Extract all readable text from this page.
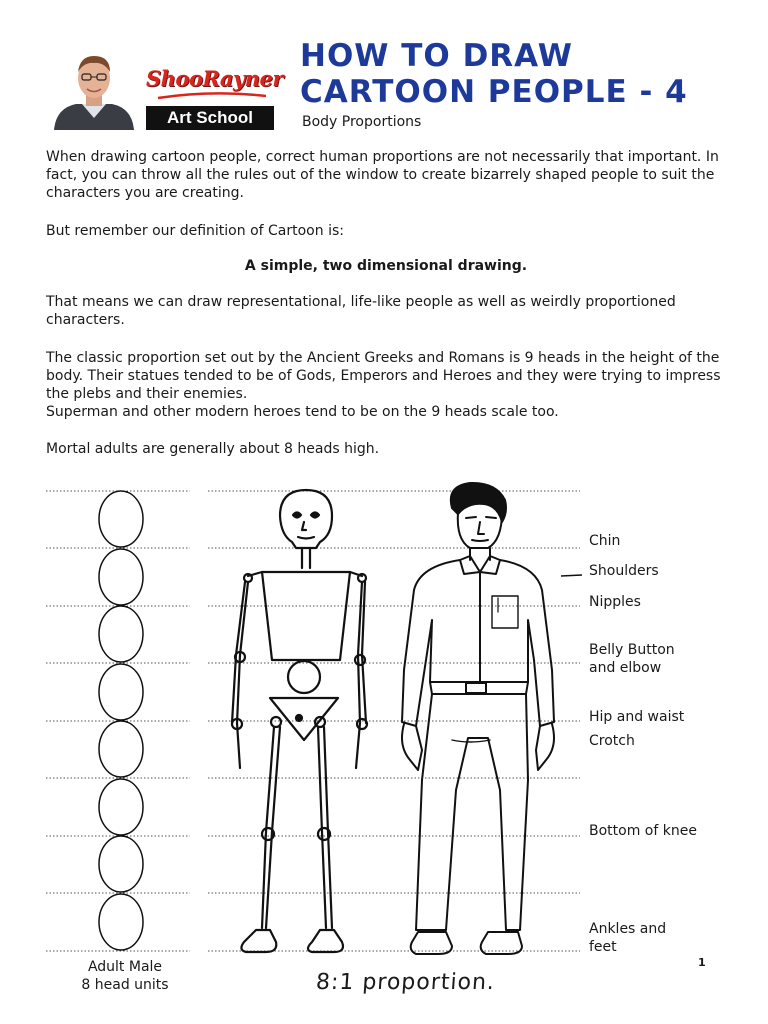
ShooRayner
Art School
HOW TO DRAW
CARTOON PEOPLE - 4
Body Proportions

When drawing cartoon people, correct human proportions are not necessarily that important. In fact, you can throw all the rules out of the window to create bizarrely shaped people to suit the characters you are creating.

But remember our definition of Cartoon is:

A simple, two dimensional drawing.

That means we can draw representational, life-like people as well as weirdly proportioned characters.

The classic proportion set out by the Ancient Greeks and Romans is 9 heads in the height of the body. Their statues tended to be of Gods, Emperors and Heroes and they were trying to impress the plebs and their enemies.

Superman and other modern heroes tend to be on the 9 heads scale too.

Mortal adults are generally about 8 heads high.

Chin
Shoulders
Nipples
Belly Button
and elbow
Hip and waist
Crotch
Bottom of knee
Ankles and
feet
Adult Male
8 head units	8:1 proportion.
1
